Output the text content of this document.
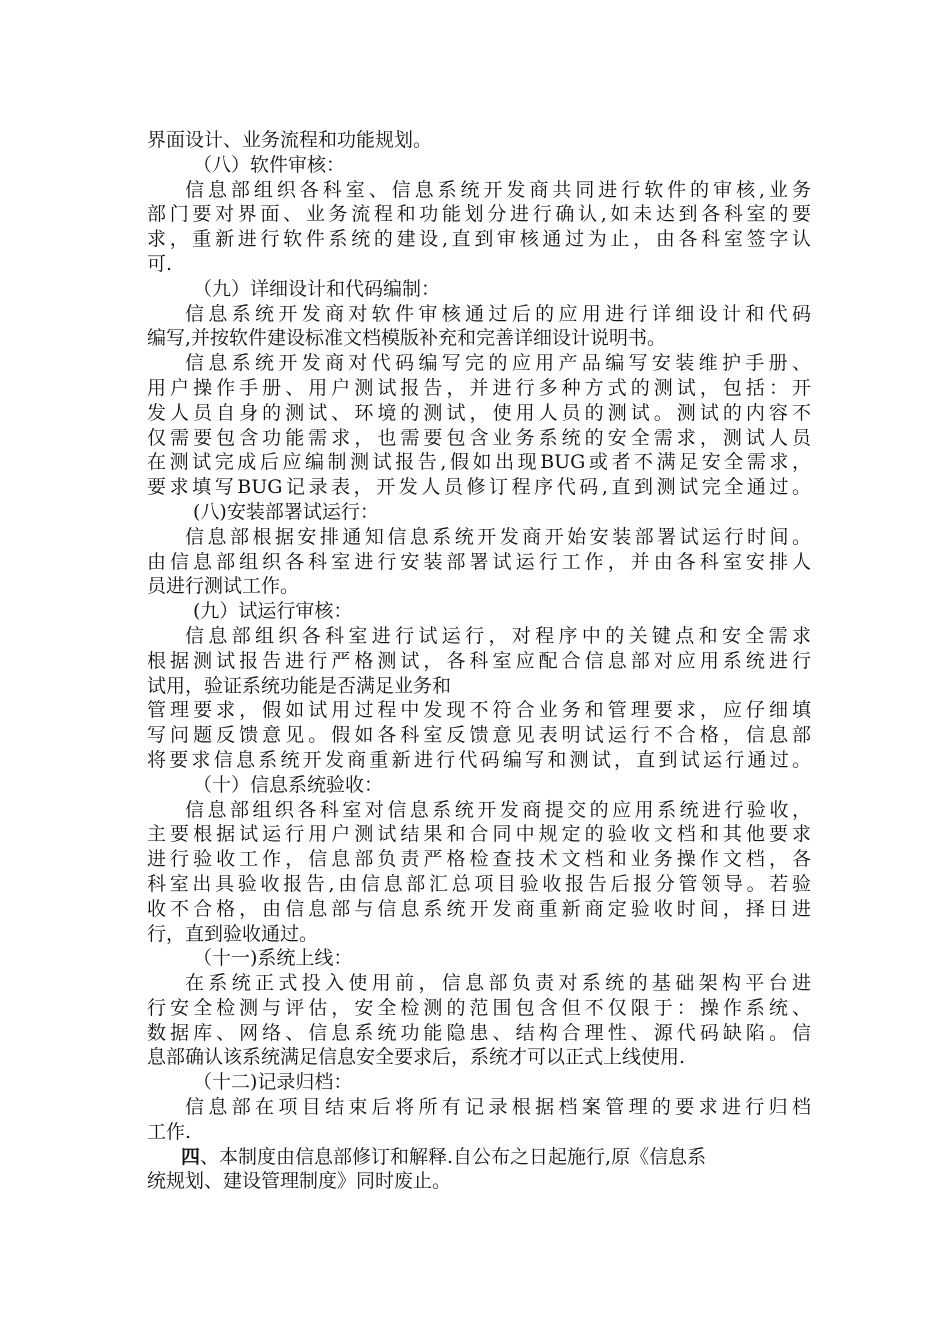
界面设计、业务流程和功能规划。
（八）软件审核：
信息部组织各科室、信息系统开发商共同进行软件的审核,业务
部门要对界面、业务流程和功能划分进行确认,如未达到各科室的要
求，重新进行软件系统的建设,直到审核通过为止，由各科室签字认
可.
（九）详细设计和代码编制：
信息系统开发商对软件审核通过后的应用进行详细设计和代码
编写,并按软件建设标准文档模版补充和完善详细设计说明书。
信息系统开发商对代码编写完的应用产品编写安装维护手册、
用户操作手册、用户测试报告，并进行多种方式的测试，包括：开
发人员自身的测试、环境的测试，使用人员的测试。测试的内容不
仅需要包含功能需求，也需要包含业务系统的安全需求，测试人员
在测试完成后应编制测试报告,假如出现BUG或者不满足安全需求，
要求填写BUG记录表，开发人员修订程序代码,直到测试完全通过。
(八)安装部署试运行：
信息部根据安排通知信息系统开发商开始安装部署试运行时间。
由信息部组织各科室进行安装部署试运行工作，并由各科室安排人
员进行测试工作。
(九）试运行审核：
信息部组织各科室进行试运行，对程序中的关键点和安全需求
根据测试报告进行严格测试，各科室应配合信息部对应用系统进行
试用，验证系统功能是否满足业务和
管理要求，假如试用过程中发现不符合业务和管理要求，应仔细填
写问题反馈意见。假如各科室反馈意见表明试运行不合格，信息部
将要求信息系统开发商重新进行代码编写和测试，直到试运行通过。
（十）信息系统验收：
信息部组织各科室对信息系统开发商提交的应用系统进行验收，
主要根据试运行用户测试结果和合同中规定的验收文档和其他要求
进行验收工作，信息部负责严格检查技术文档和业务操作文档，各
科室出具验收报告,由信息部汇总项目验收报告后报分管领导。若验
收不合格，由信息部与信息系统开发商重新商定验收时间，择日进
行，直到验收通过。
（十一)系统上线：
在系统正式投入使用前，信息部负责对系统的基础架构平台进
行安全检测与评估，安全检测的范围包含但不仅限于：操作系统、
数据库、网络、信息系统功能隐患、结构合理性、源代码缺陷。信
息部确认该系统满足信息安全要求后，系统才可以正式上线使用.
（十二)记录归档：
信息部在项目结束后将所有记录根据档案管理的要求进行归档
工作.
四、本制度由信息部修订和解释.自公布之日起施行,原《信息系
统规划、建设管理制度》同时废止。
